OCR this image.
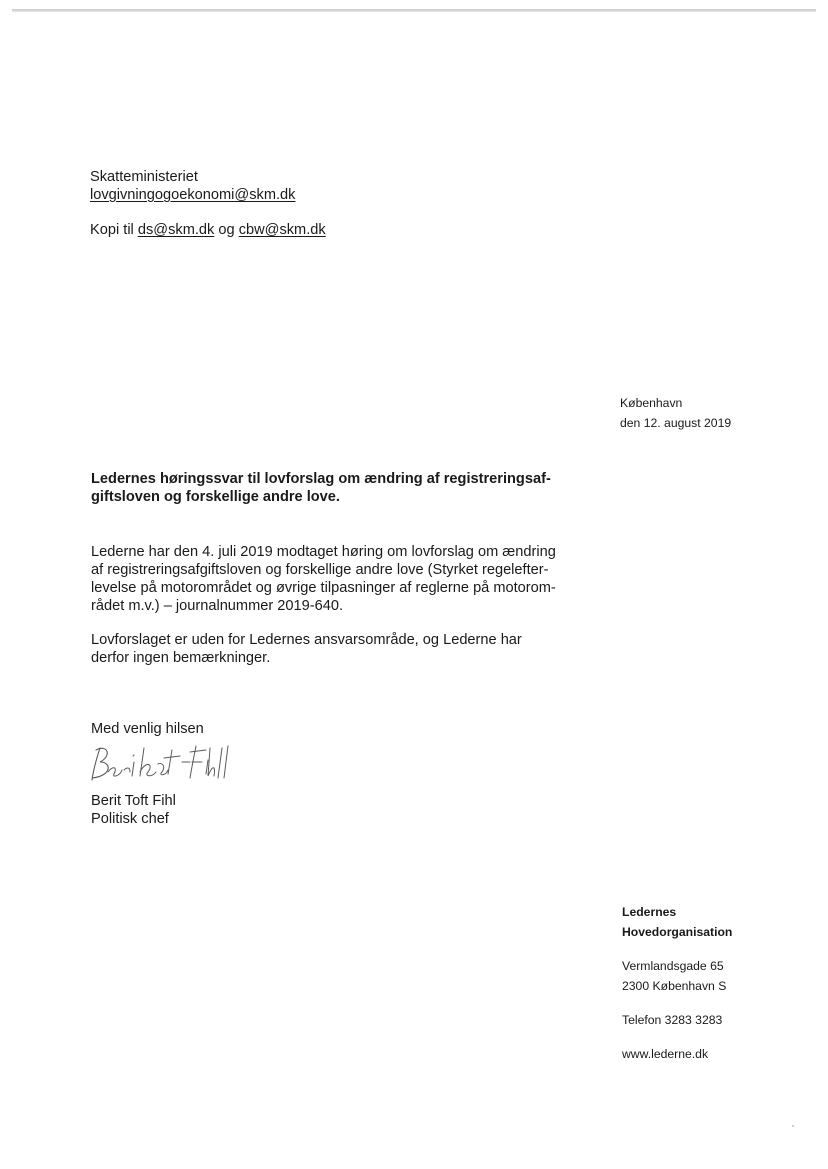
Skatteministeriet
lovgivningogoekonomi@skm.dk
Kopi til ds@skm.dk og cbw@skm.dk
København
den 12. august 2019
Ledernes høringssvar til lovforslag om ændring af registreringsaf-
giftsloven og forskellige andre love.
Lederne har den 4. juli 2019 modtaget høring om lovforslag om ændring
af registreringsafgiftsloven og forskellige andre love (Styrket regelefter-
levelse på motorområdet og øvrige tilpasninger af reglerne på motorom-
rådet m.v.) – journalnummer 2019-640.
Lovforslaget er uden for Ledernes ansvarsområde, og Lederne har
derfor ingen bemærkninger.
Med venlig hilsen
Berit Toft Fihl
Politisk chef
Ledernes
Hovedorganisation
Vermlandsgade 65
2300 København S
Telefon 3283 3283
www.lederne.dk
